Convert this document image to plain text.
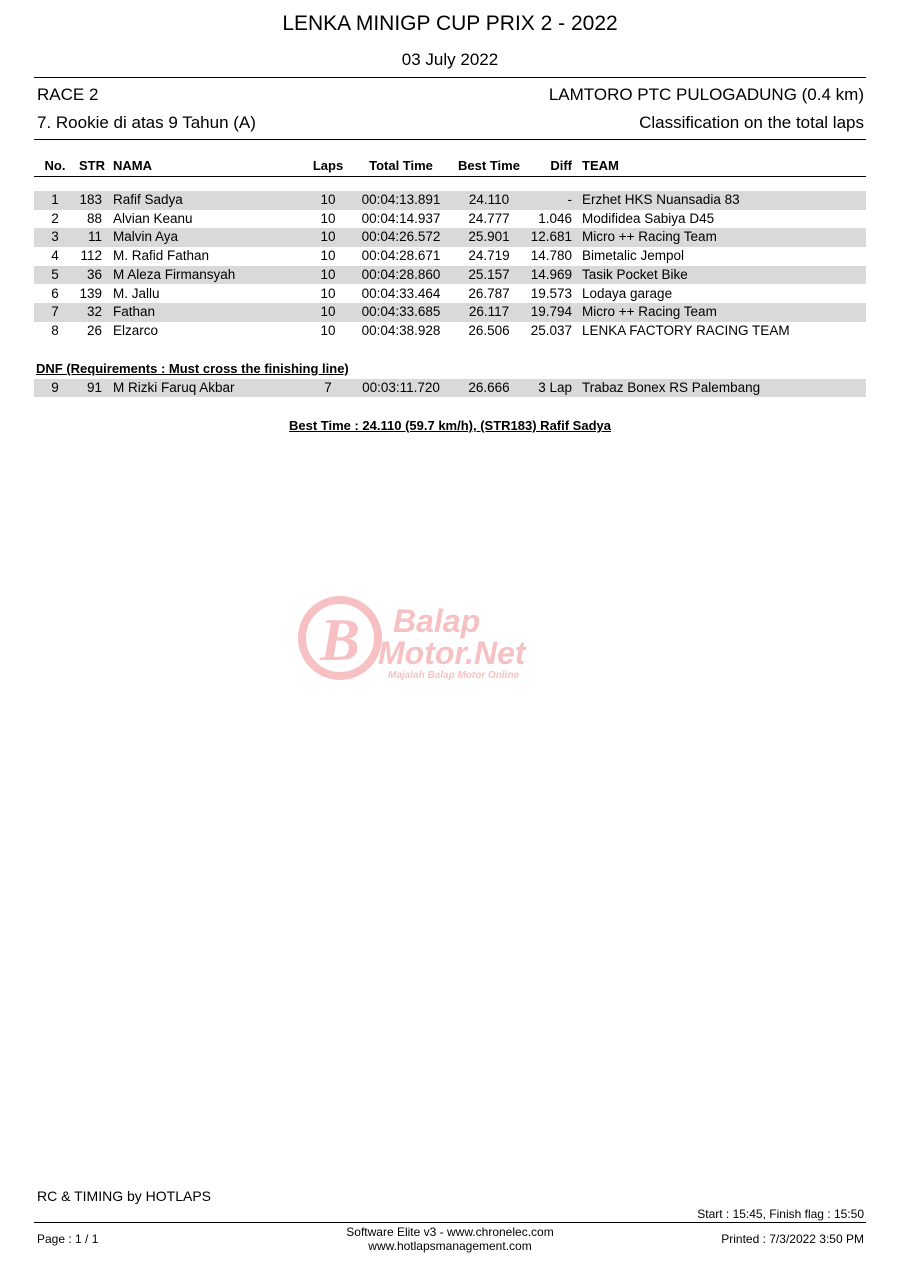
LENKA MINIGP CUP PRIX 2 - 2022
03 July 2022
RACE 2	LAMTORO PTC PULOGADUNG (0.4 km)
7. Rookie di atas 9 Tahun (A)	Classification on the total laps
No.	STR NAMA	Laps	Total Time	Best Time	Diff TEAM
1	183 Rafif Sadya	10	00:04:13.891	24.110	- Erzhet HKS Nuansadia 83
2	88 Alvian Keanu	10	00:04:14.937	24.777	1.046 Modifidea Sabiya D45
3	11 Malvin Aya	10	00:04:26.572	25.901	12.681 Micro ++ Racing Team
4	112 M. Rafid Fathan	10	00:04:28.671	24.719	14.780 Bimetalic Jempol
5	36 M Aleza Firmansyah	10	00:04:28.860	25.157	14.969 Tasik Pocket Bike
6	139 M. Jallu	10	00:04:33.464	26.787	19.573 Lodaya garage
7	32 Fathan	10	00:04:33.685	26.117	19.794 Micro ++ Racing Team
8	26 Elzarco	10	00:04:38.928	26.506	25.037 LENKA FACTORY RACING TEAM
DNF (Requirements : Must cross the finishing line)
9	91 M Rizki Faruq Akbar	7	00:03:11.720	26.666	3 Lap Trabaz Bonex RS Palembang
Best Time : 24.110 (59.7 km/h), (STR183) Rafif Sadya
B Balap
Motor.Net
Majalah Balap Motor Online
RC & TIMING by HOTLAPS
Start : 15:45, Finish flag : 15:50
Page : 1 / 1	Software Elite v3 - www.chronelec.com
www.hotlapsmanagement.com	Printed : 7/3/2022 3:50 PM
